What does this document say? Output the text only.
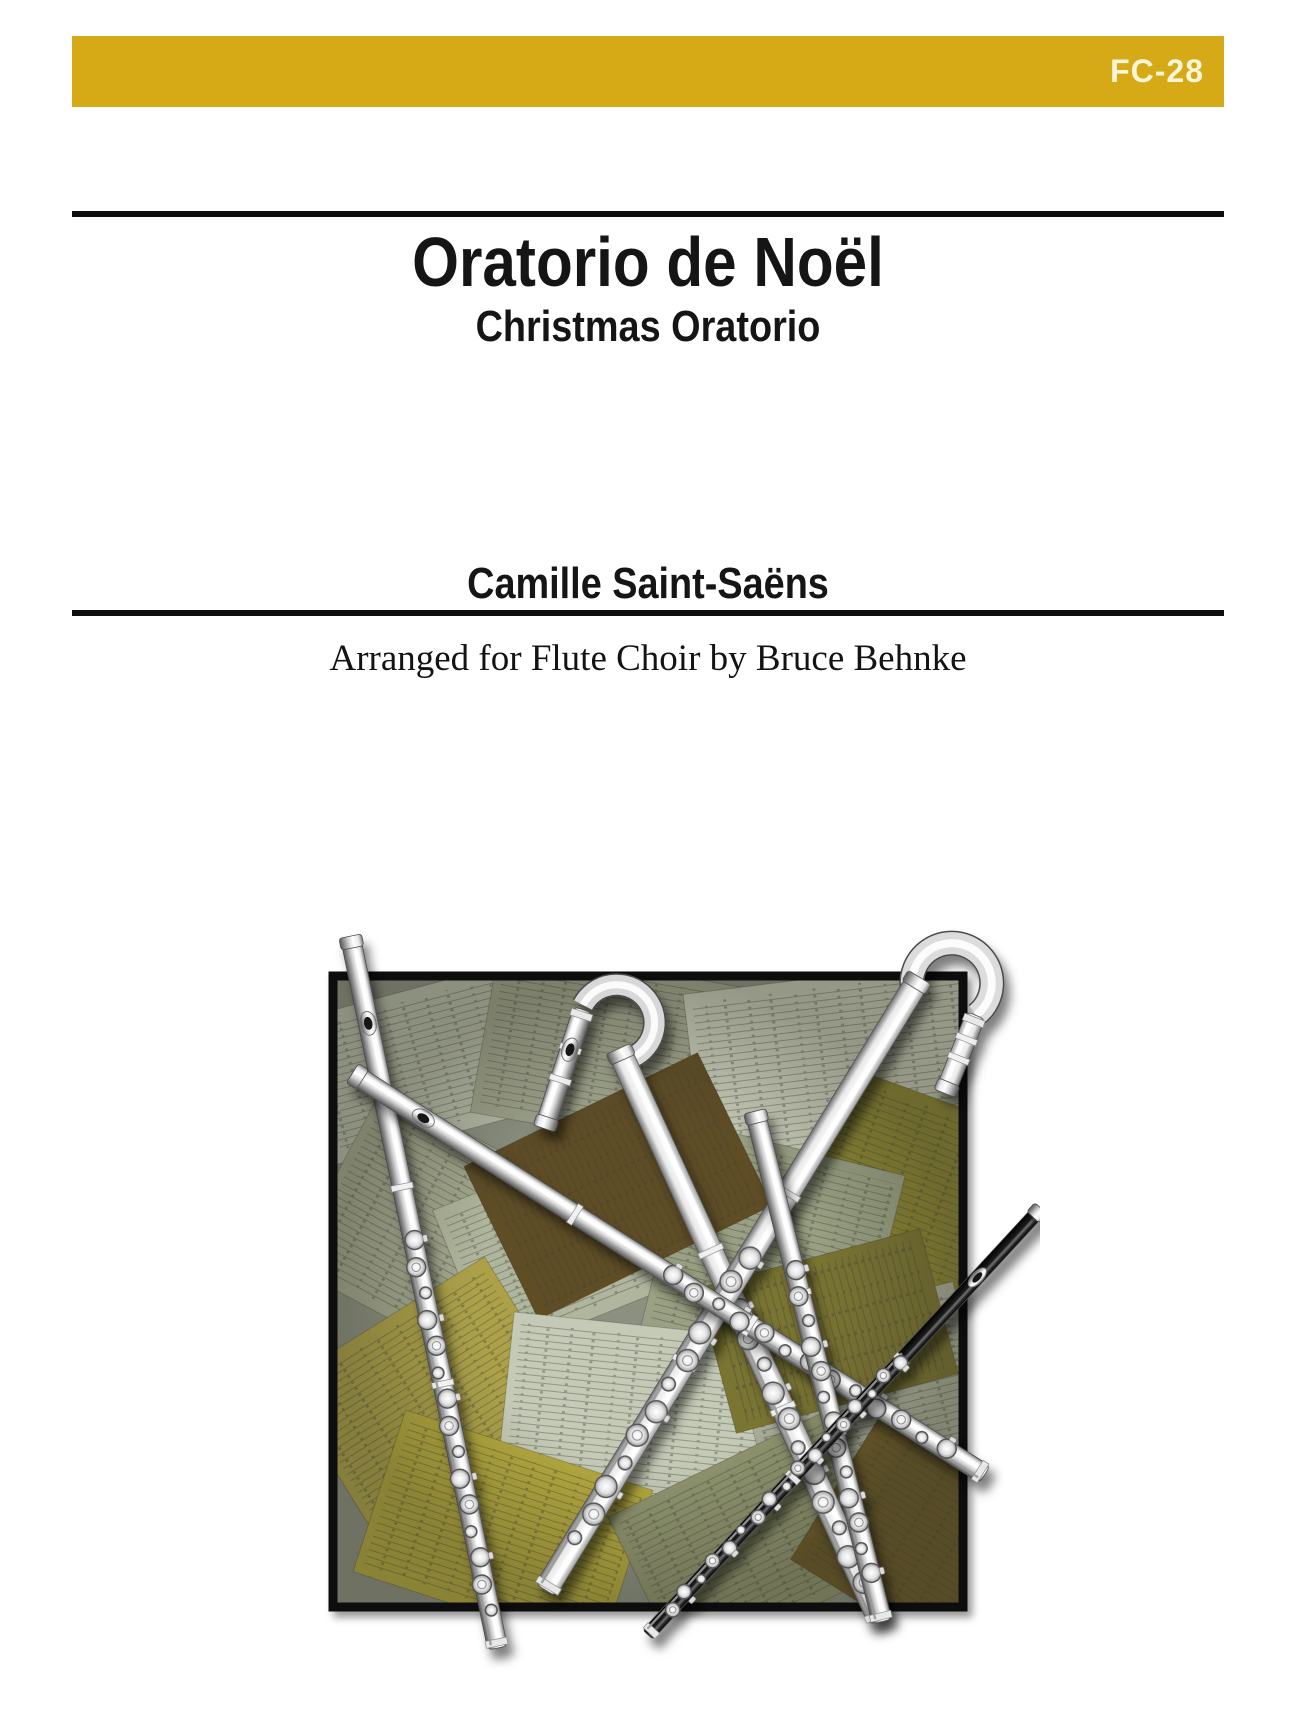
FC-28
Oratorio de Noël
Christmas Oratorio
Camille Saint-Saëns
Arranged for Flute Choir by Bruce Behnke
